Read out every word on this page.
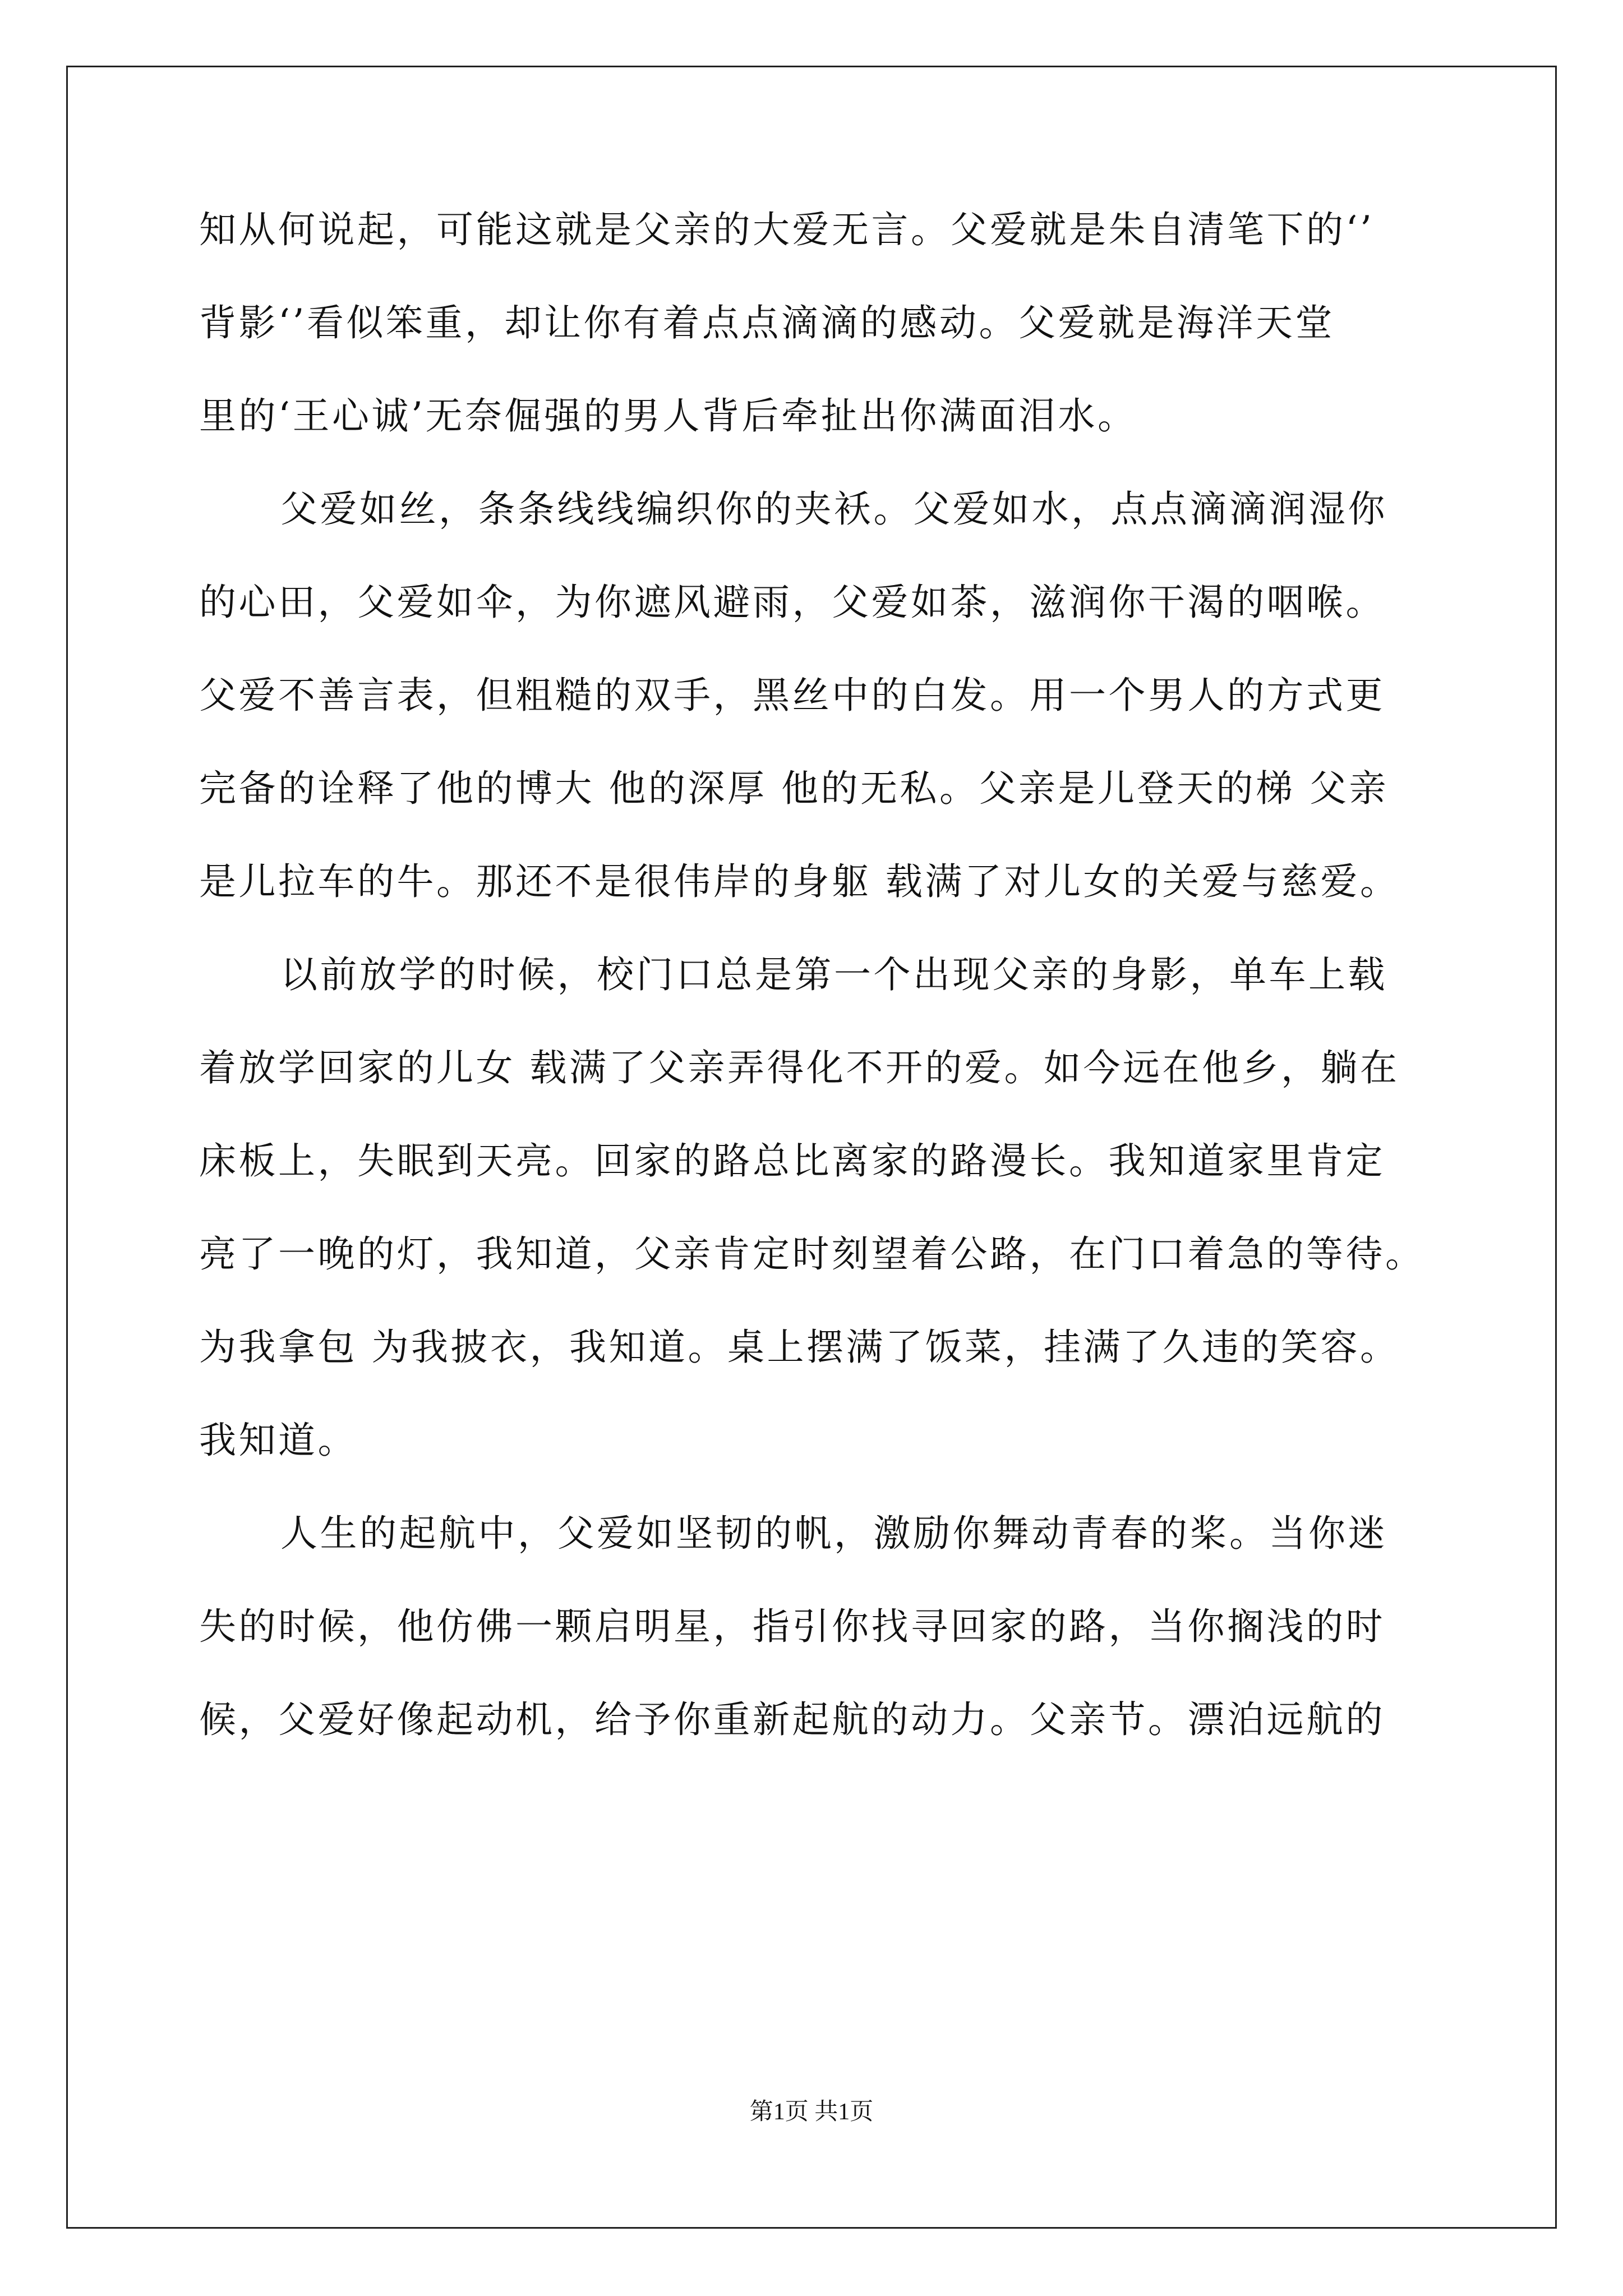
知从何说起，可能这就是父亲的大爱无言。父爱就是朱自清笔下的‘’
背影‘’看似笨重，却让你有着点点滴滴的感动。父爱就是海洋天堂
里的‘王心诚’无奈倔强的男人背后牵扯出你满面泪水。
父爱如丝，条条线线编织你的夹袄。父爱如水，点点滴滴润湿你
的心田，父爱如伞，为你遮风避雨，父爱如茶，滋润你干渴的咽喉。
父爱不善言表，但粗糙的双手，黑丝中的白发。用一个男人的方式更
完备的诠释了他的博大 他的深厚 他的无私。父亲是儿登天的梯 父亲
是儿拉车的牛。那还不是很伟岸的身躯 载满了对儿女的关爱与慈爱。
以前放学的时候，校门口总是第一个出现父亲的身影，单车上载
着放学回家的儿女 载满了父亲弄得化不开的爱。如今远在他乡，躺在
床板上，失眠到天亮。回家的路总比离家的路漫长。我知道家里肯定
亮了一晚的灯，我知道，父亲肯定时刻望着公路，在门口着急的等待。
为我拿包 为我披衣，我知道。桌上摆满了饭菜，挂满了久违的笑容。
我知道。
人生的起航中，父爱如坚韧的帆，激励你舞动青春的桨。当你迷
失的时候，他仿佛一颗启明星，指引你找寻回家的路，当你搁浅的时
候，父爱好像起动机，给予你重新起航的动力。父亲节。漂泊远航的
第1页 共1页
